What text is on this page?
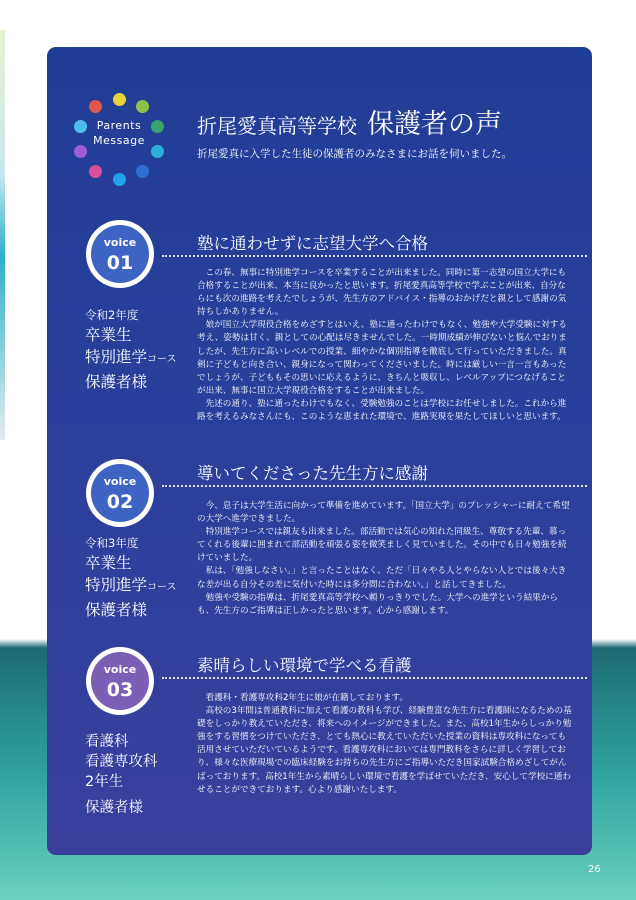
Parents
Message
折尾愛真高等学校 保護者の声
折尾愛真に入学した生徒の保護者のみなさまにお話を伺いました。
voice
01
塾に通わせずに志望大学へ合格
令和2年度
卒業生
特別進学コース
保護者様

この春、無事に特別進学コースを卒業することが出来ました。同時に第一志望の国立大学にも合格することが出来、本当に良かったと思います。折尾愛真高等学校で学ぶことが出来、自分ならにも次の進路を考えたでしょうが、先生方のアドバイス・指導のおかげだと親として感謝の気持ちしかありません。

娘が国立大学現役合格をめざすとはいえ、塾に通ったわけでもなく、勉強や大学受験に対する考え、姿勢は甘く、親としての心配は尽きませんでした。一時期成績が伸びないと悩んでおりましたが、先生方に高いレベルでの授業、細やかな個別指導を徹底して行っていただきました。真剣に子どもと向き合い、親身になって関わってくださいました。時には厳しい一言一言もあったでしょうが、子どももその思いに応えるように、きちんと吸収し、レベルアップにつなげることが出来、無事に国立大学現役合格をすることが出来ました。

先述の通り、塾に通ったわけでもなく、受験勉強のことは学校にお任せしました。これから進路を考えるみなさんにも、このような恵まれた環境で、進路実現を果たしてほしいと思います。

voice
02
導いてくださった先生方に感謝
令和3年度
卒業生
特別進学コース
保護者様

今、息子は大学生活に向かって準備を進めています。「国立大学」のプレッシャーに耐えて希望の大学へ進学できました。

特別進学コースでは親友も出来ました。部活動では気心の知れた同級生、尊敬する先輩、慕ってくれる後輩に囲まれて部活動を頑張る姿を微笑ましく見ていました。その中でも日々勉強を続けていました。

私は、「勉強しなさい。」と言ったことはなく、ただ「日々やる人とやらない人とでは後々大きな差が出る自分その差に気付いた時には多分間に合わない。」と話してきました。

勉強や受験の指導は、折尾愛真高等学校へ頼りっきりでした。大学への進学という結果からも、先生方のご指導は正しかったと思います。心から感謝します。

voice
03
素晴らしい環境で学べる看護
看護科
看護専攻科
2年生
保護者様

看護科・看護専攻科2年生に娘が在籍しております。

高校の3年間は普通教科に加えて看護の教科も学び、経験豊富な先生方に看護師になるための基礎をしっかり教えていただき、将来へのイメージができました。また、高校1年生からしっかり勉強をする習慣をつけていただき、とても熱心に教えていただいた授業の資料は専攻科になっても活用させていただいているようです。看護専攻科においては専門教科をさらに詳しく学習しており、様々な医療現場での臨床経験をお持ちの先生方にご指導いただき国家試験合格めざしてがんばっております。高校1年生から素晴らしい環境で看護を学ばせていただき、安心して学校に通わせることができております。心より感謝いたします。

26
